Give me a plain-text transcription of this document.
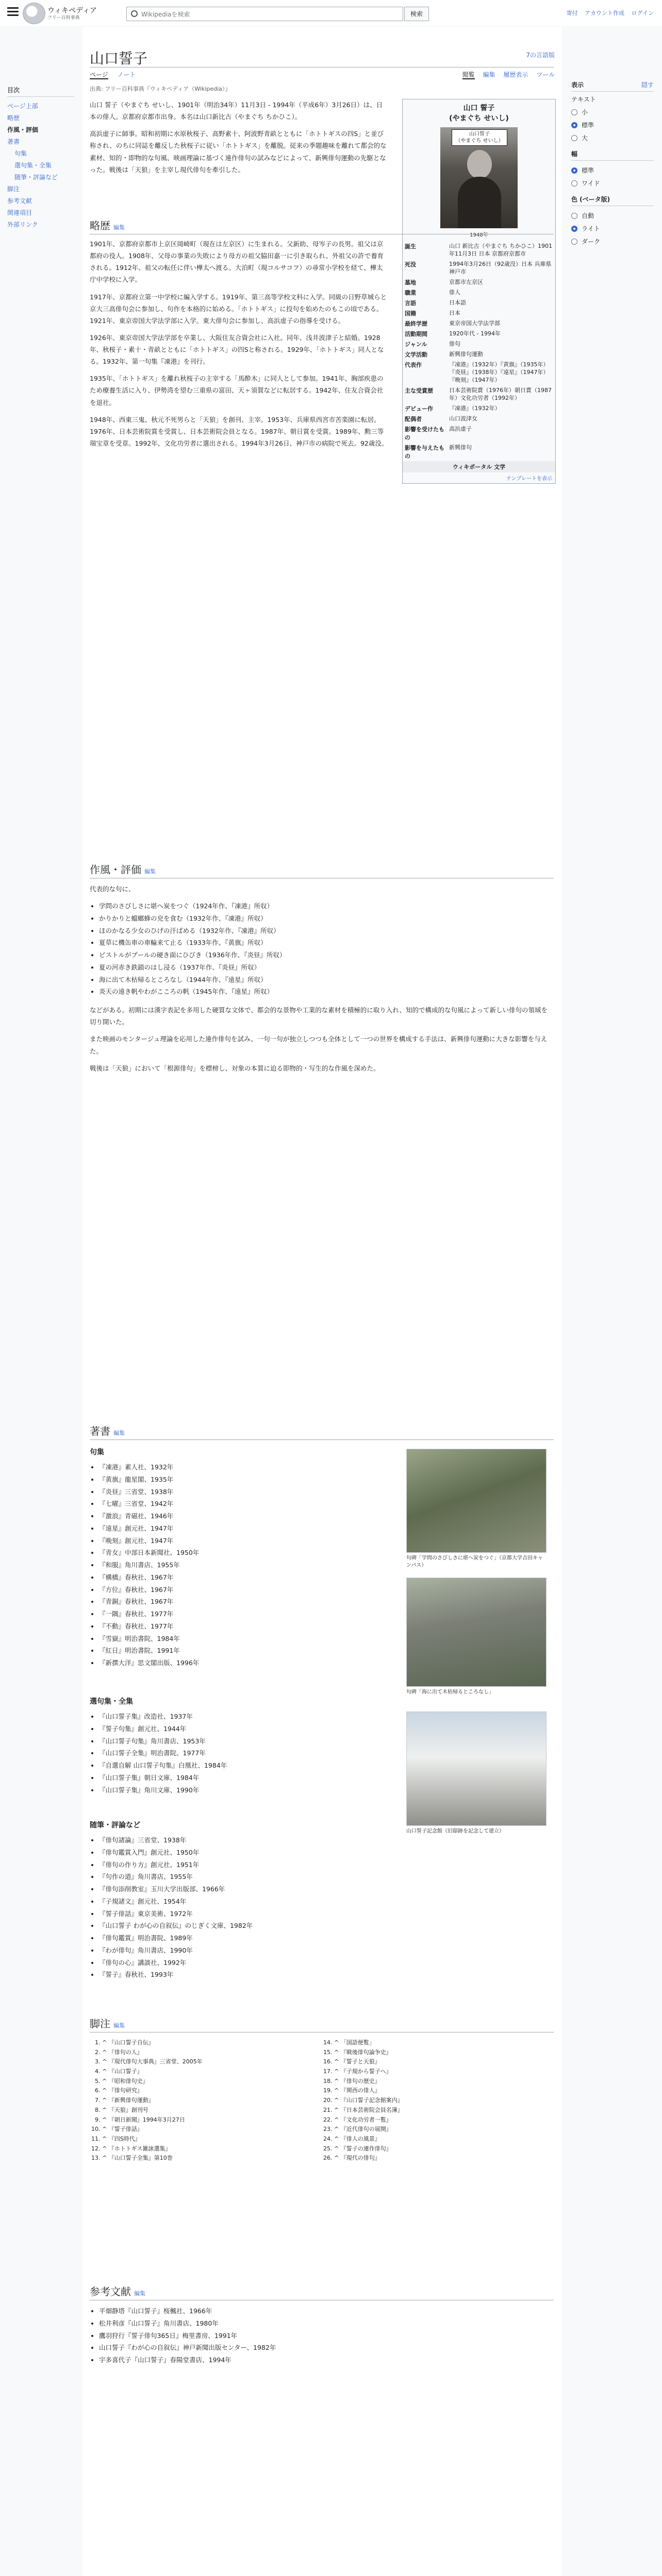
ウィキペディア
フリー百科事典	Wikipediaを検索	検索	寄付 アカウント作成 ログイン
目次
ページ上部
略歴
作風・評価
著書
句集
選句集・全集
随筆・評論など
脚注
参考文献
関連項目
外部リンク
表示	隠す
テキスト
小
標準
大
幅
標準
ワイド
色 (ベータ版)
自動
ライト
ダーク
山口誓子	7の言語版
ページ ノート	閲覧 編集 履歴表示 ツール
出典: フリー百科事典『ウィキペディア（Wikipedia）』

山口 誓子（やまぐち せいし、1901年（明治34年）11月3日 - 1994年（平成6年）3月26日）は、日本の俳人。京都府京都市出身。本名は山口新比古（やまぐち ちかひこ）。

高浜虚子に師事。昭和初期に水原秋桜子、高野素十、阿波野青畝とともに「ホトトギスの四S」と並び称され、のちに同誌を離反した秋桜子に従い「ホトトギス」を離脱。従来の季題趣味を離れて都会的な素材、知的・即物的な句風、映画理論に基づく連作俳句の試みなどによって、新興俳句運動の先駆となった。戦後は「天狼」を主宰し現代俳句を牽引した。

山口 誓子
(やまぐち せいし)
山口誓子
（やまぐち せいし）
1948年
誕生	山口 新比古（やまぐち ちかひこ）1901年11月3日 日本 京都府京都市
死没	1994年3月26日（92歳没）日本 兵庫県神戸市
墓地	京都市左京区
職業	俳人
言語	日本語
国籍	日本
最終学歴	東京帝国大学法学部
活動期間	1920年代 - 1994年
ジャンル	俳句
文学活動	新興俳句運動
代表作	『凍港』（1932年）『黄旗』（1935年）『炎昼』（1938年）『遠星』（1947年）『晩刻』（1947年）
主な受賞歴	日本芸術院賞（1976年）朝日賞（1987年）文化功労者（1992年）
デビュー作	『凍港』（1932年）
配偶者	山口波津女
影響を受けたもの	高浜虚子
影響を与えたもの	新興俳句
ウィキポータル 文学
テンプレートを表示
略歴 編集

1901年、京都府京都市上京区岡崎町（現在は左京区）に生まれる。父新助、母岑子の長男。祖父は京都府の役人。1908年、父母の事業の失敗により母方の祖父脇田嘉一に引き取られ、外祖父の許で養育される。1912年、祖父の転任に伴い樺太へ渡る。大泊町（現コルサコフ）の尋常小学校を経て、樺太庁中学校に入学。

1917年、京都府立第一中学校に編入学する。1919年、第三高等学校文科に入学。同級の日野草城らと京大三高俳句会に参加し、句作を本格的に始める。「ホトトギス」に投句を始めたのもこの頃である。1921年、東京帝国大学法学部に入学。東大俳句会に参加し、高浜虚子の指導を受ける。

1926年、東京帝国大学法学部を卒業し、大阪住友合資会社に入社。同年、浅井波津子と結婚。1928年、秋桜子・素十・青畝とともに「ホトトギス」の四Sと称される。1929年、「ホトトギス」同人となる。1932年、第一句集『凍港』を刊行。

1935年、「ホトトギス」を離れ秋桜子の主宰する「馬酔木」に同人として参加。1941年、胸部疾患のため療養生活に入り、伊勢湾を望む三重県の富田、天ヶ須賀などに転居する。1942年、住友合資会社を退社。

1948年、西東三鬼、秋元不死男らと「天狼」を創刊、主宰。1953年、兵庫県西宮市苦楽園に転居。1976年、日本芸術院賞を受賞し、日本芸術院会員となる。1987年、朝日賞を受賞。1989年、勲三等瑞宝章を受章。1992年、文化功労者に選出される。1994年3月26日、神戸市の病院で死去。92歳没。

作風・評価 編集

代表的な句に、

• 学問のさびしさに堪へ炭をつぐ（1924年作、『凍港』所収）
• かりかりと蟷螂蜂の皃を食む（1932年作、『凍港』所収）
• ほのかなる少女のひげの汗ばめる（1932年作、『凍港』所収）
• 夏草に機缶車の車輪来て止る（1933年作、『黄旗』所収）
• ピストルがプールの硬き面にひびき（1936年作、『炎昼』所収）
• 夏の河赤き鉄鎖のはし浸る（1937年作、『炎昼』所収）
• 海に出て木枯帰るところなし（1944年作、『遠星』所収）
• 炎天の遠き帆やわがこころの帆（1945年作、『遠星』所収）

などがある。初期には漢字表記を多用した硬質な文体で、都会的な景物や工業的な素材を積極的に取り入れ、知的で構成的な句風によって新しい俳句の領域を切り開いた。

また映画のモンタージュ理論を応用した連作俳句を試み、一句一句が独立しつつも全体として一つの世界を構成する手法は、新興俳句運動に大きな影響を与えた。

戦後は「天狼」において「根源俳句」を標榜し、対象の本質に迫る即物的・写生的な作風を深めた。

著書 編集
句集
• 『凍港』素人社、1932年
• 『黄旗』龍星閣、1935年
• 『炎昼』三省堂、1938年
• 『七曜』三省堂、1942年
• 『激浪』青磁社、1946年
• 『遠星』創元社、1947年
• 『晩刻』創元社、1947年
• 『青女』中部日本新聞社、1950年
• 『和服』角川書店、1955年
• 『構橋』春秋社、1967年
• 『方位』春秋社、1967年
• 『青銅』春秋社、1967年
• 『一隅』春秋社、1977年
• 『不動』春秋社、1977年
• 『雪嶽』明治書院、1984年
• 『紅日』明治書院、1991年
• 『新撰大洋』思文閣出版、1996年
選句集・全集
• 『山口誓子集』改造社、1937年
• 『誓子句集』創元社、1944年
• 『山口誓子句集』角川書店、1953年
• 『山口誓子全集』明治書院、1977年
• 『自選自解 山口誓子句集』白凰社、1984年
• 『山口誓子集』朝日文庫、1984年
• 『山口誓子集』角川文庫、1990年
随筆・評論など
• 『俳句諸論』三省堂、1938年
• 『俳句鑑賞入門』創元社、1950年
• 『俳句の作り方』創元社、1951年
• 『句作の道』角川書店、1955年
• 『俳句添削教室』玉川大学出版部、1966年
• 『子規諸文』創元社、1954年
• 『誓子俳話』東京美術、1972年
• 『山口誓子 わが心の自叙伝』のじぎく文庫、1982年
• 『俳句鑑賞』明治書院、1989年
• 『わが俳句』角川書店、1990年
• 『俳句の心』講談社、1992年
• 『誓子』春秋社、1993年
句碑「学問のさびしさに堪へ炭をつぐ」（京都大学吉田キャンパス）
句碑「海に出て木枯帰るところなし」
山口誓子記念館（旧邸跡を記念して建立）
脚注 編集
1. ^ 『山口誓子自伝』
2. ^ 『俳句の人』
3. ^ 『現代俳句大事典』三省堂、2005年
4. ^ 『山口誓子』
5. ^ 『昭和俳句史』
6. ^ 『俳句研究』
7. ^ 『新興俳句運動』
8. ^ 『天狼』創刊号
9. ^ 『朝日新聞』1994年3月27日
10. ^ 『誓子俳話』
11. ^ 『四S時代』
12. ^ 『ホトトギス雑詠選集』
13. ^ 『山口誓子全集』第10巻
14. ^ 「国語便覧」
15. ^ 『戦後俳句論争史』
16. ^ 『誓子と天狼』
17. ^ 『子規から誓子へ』
18. ^ 『俳句の歴史』
19. ^ 『関西の俳人』
20. ^ 『山口誓子記念館案内』
21. ^ 『日本芸術院会員名簿』
22. ^ 『文化功労者一覧』
23. ^ 『近代俳句の展開』
24. ^ 『俳人の風景』
25. ^ 『誓子の連作俳句』
26. ^ 『現代の俳句』
参考文献 編集
• 平畑静塔『山口誓子』桜楓社、1966年
• 松井利彦『山口誓子』角川書店、1980年
• 鷹羽狩行『誓子俳句365日』梅里書房、1991年
• 山口誓子『わが心の自叙伝』神戸新聞出版センター、1982年
• 宇多喜代子『山口誓子』春陽堂書店、1994年
